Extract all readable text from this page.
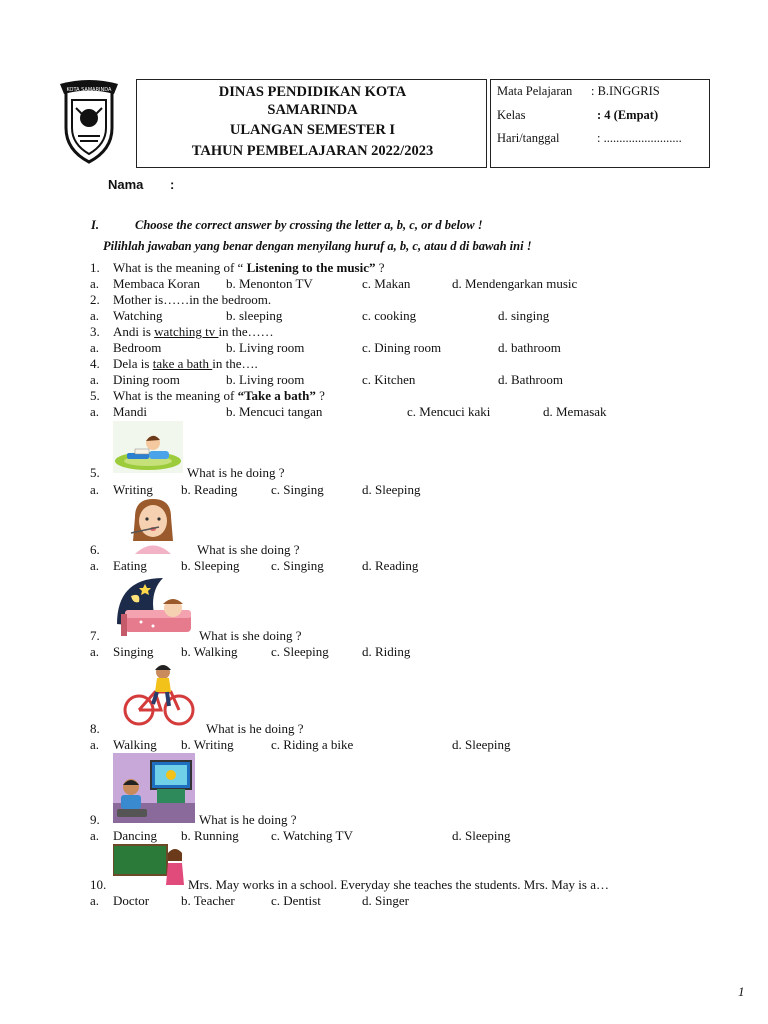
KOTA SAMARINDA	DINAS PENDIDIKAN KOTA
SAMARINDA
ULANGAN SEMESTER I
TAHUN PEMBELAJARAN 2022/2023
Mata Pelajaran : B.INGGRIS
Kelas	: 4 (Empat)
Hari/tanggal	: .........................
Nama :
I.	Choose the correct answer by crossing the letter a, b, c, or d below !
Pilihlah jawaban yang benar dengan menyilang huruf a, b, c, atau d di bawah ini !
1. What is the meaning of “ Listening to the music” ?
a. Membaca Koran b. Menonton TV	c. Makan	d. Mendengarkan music
2. Mother is……in the bedroom.
a. Watching	b. sleeping	c. cooking	d. singing
3. Andi is watching tv in the……
a. Bedroom	b. Living room	c. Dining room	d. bathroom
4. Dela is take a bath in the….
a. Dining room	b. Living room	c. Kitchen	d. Bathroom
5. What is the meaning of “Take a bath” ?
a. Mandi	b. Mencuci tangan	c. Mencuci kaki	d. Memasak
5.	What is he doing ?
a. Writing b. Reading	c. Singing	d. Sleeping
6.	What is she doing ?
a. Eating	b. Sleeping c. Singing	d. Reading
7.	What is she doing ?
a. Singing b. Walking	c. Sleeping	d. Riding
8.	What is he doing ?
a. Walking b. Writing	c. Riding a bike	d. Sleeping
9.	What is he doing ?
a. Dancing b. Running c. Watching TV	d. Sleeping
10.	Mrs. May works in a school. Everyday she teaches the students. Mrs. May is a…
a. Doctor b. Teacher	c. Dentist	d. Singer
1
